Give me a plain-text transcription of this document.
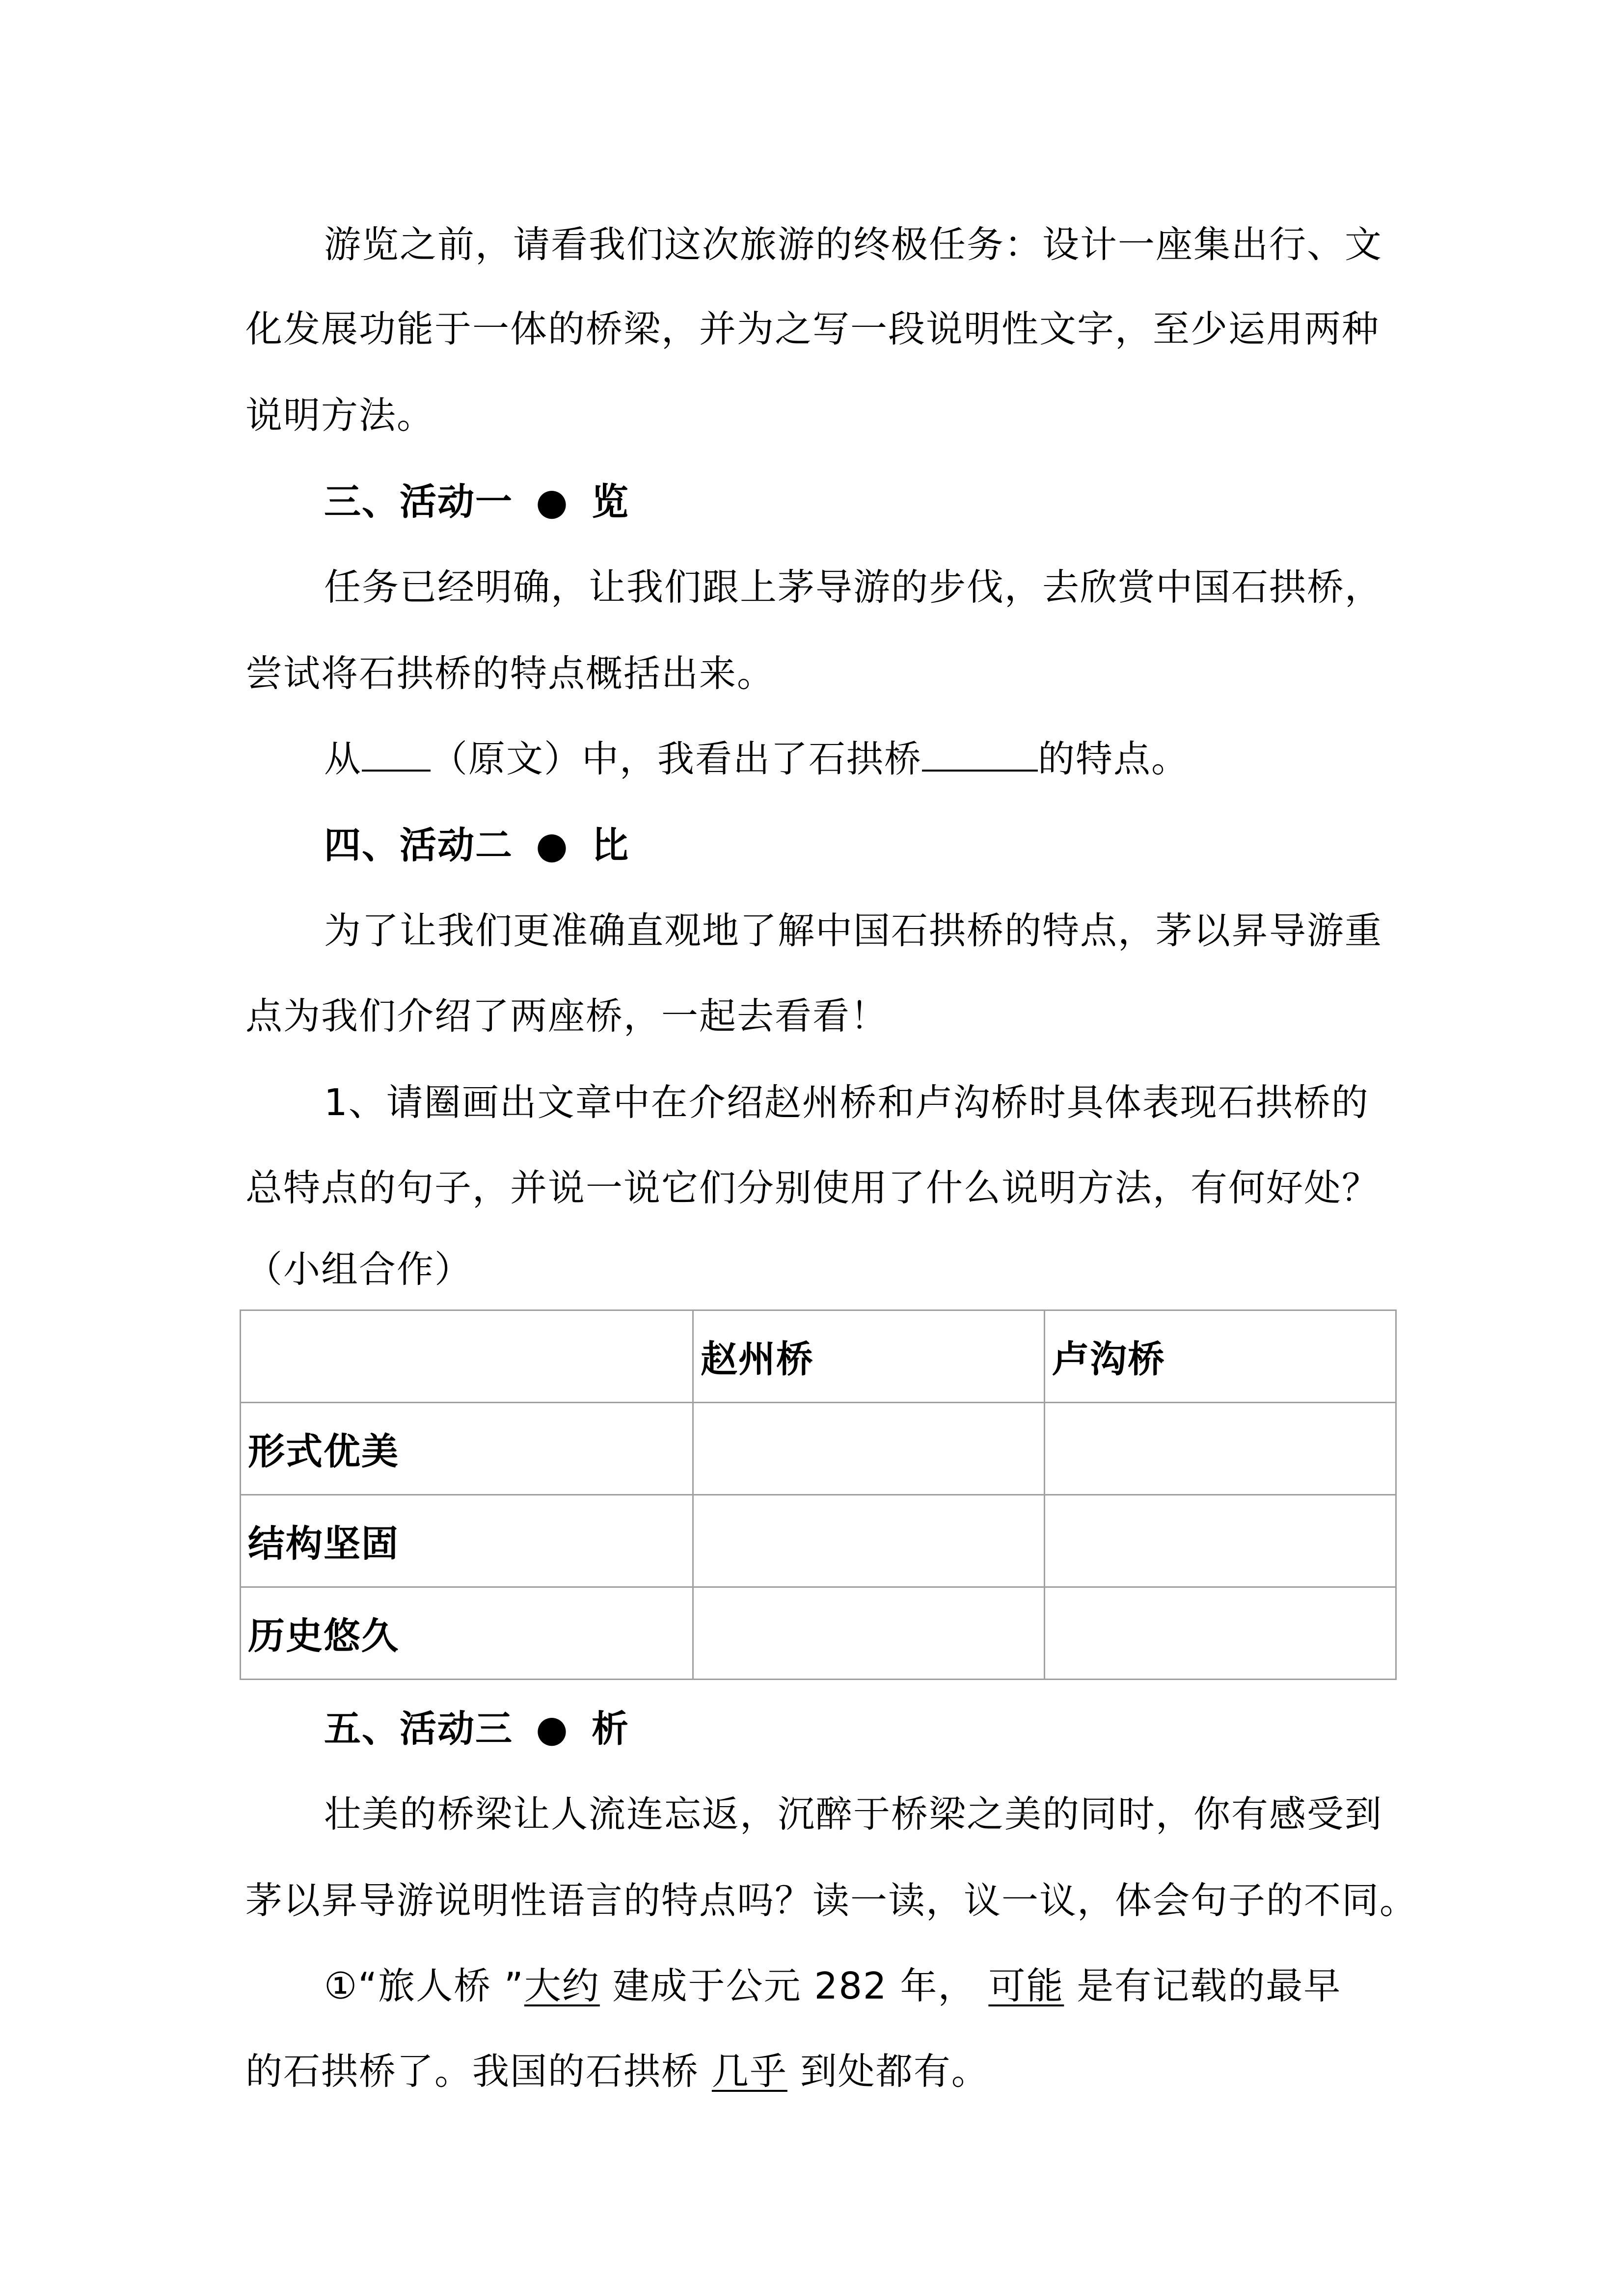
游览之前，请看我们这次旅游的终极任务：设计一座集出行、文
化发展功能于一体的桥梁，并为之写一段说明性文字，至少运用两种
说明方法。
三、活动一 ● 览
任务已经明确，让我们跟上茅导游的步伐，去欣赏中国石拱桥，
尝试将石拱桥的特点概括出来。
从 （原文）中，我看出了石拱桥	的特点。
四、活动二 ● 比
为了让我们更准确直观地了解中国石拱桥的特点，茅以昇导游重
点为我们介绍了两座桥，一起去看看！
1、请圈画出文章中在介绍赵州桥和卢沟桥时具体表现石拱桥的
总特点的句子，并说一说它们分别使用了什么说明方法，有何好处？
（小组合作）
	赵州桥	卢沟桥
形式优美		
结构坚固		
历史悠久		
五、活动三 ● 析
壮美的桥梁让人流连忘返，沉醉于桥梁之美的同时，你有感受到
茅以昇导游说明性语言的特点吗？读一读，议一议，体会句子的不同。
①“旅人桥 ”大约 建成于公元 282 年， 可能 是有记载的最早
的石拱桥了。我国的石拱桥 几乎 到处都有。
